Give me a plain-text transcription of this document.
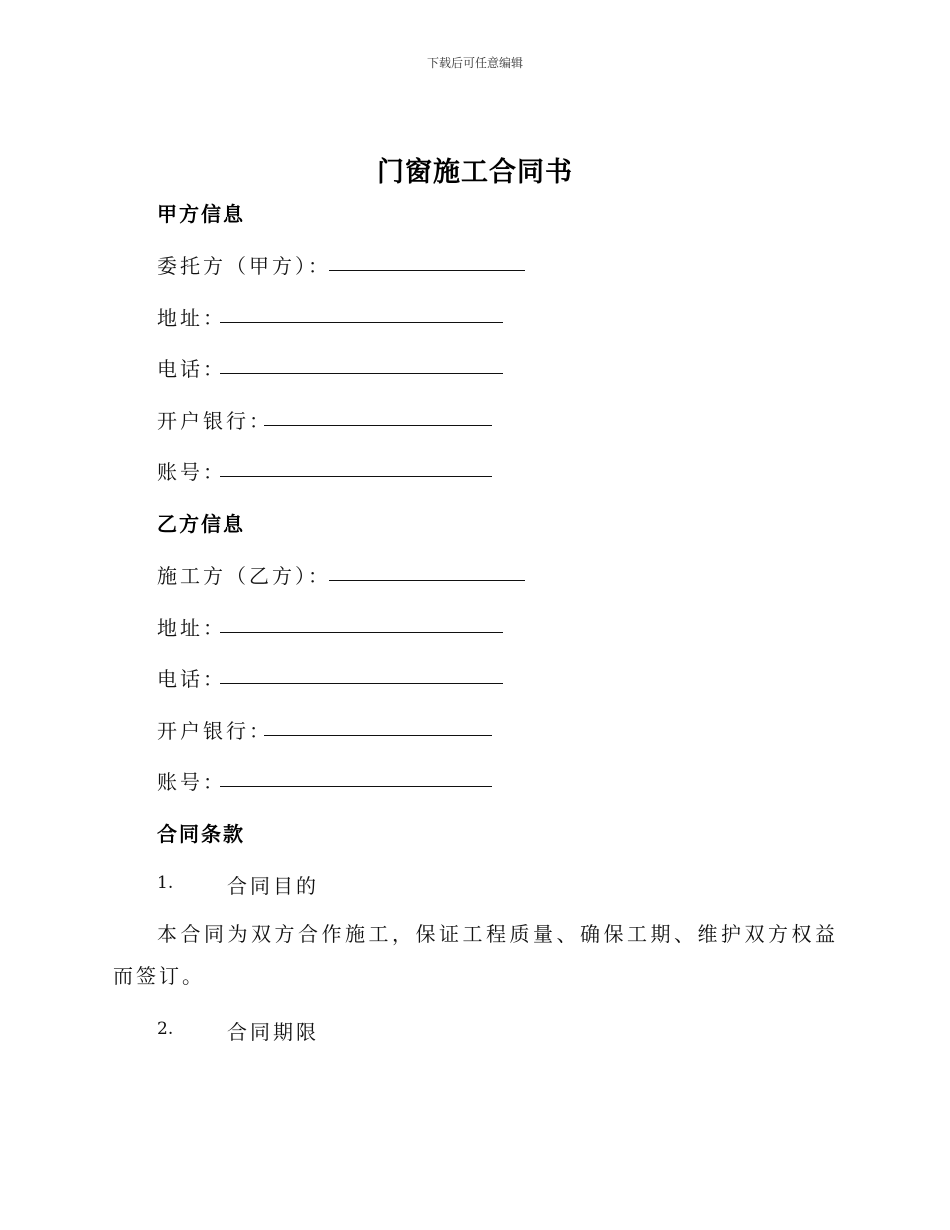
下载后可任意编辑
门窗施工合同书
甲方信息
委托方（甲方）：
地址：
电话：
开户银行：
账号：
乙方信息
施工方（乙方）：
地址：
电话：
开户银行：
账号：
合同条款
1.	合同目的
本合同为双方合作施工，保证工程质量、确保工期、维护双方权益而签订。
2.	合同期限
